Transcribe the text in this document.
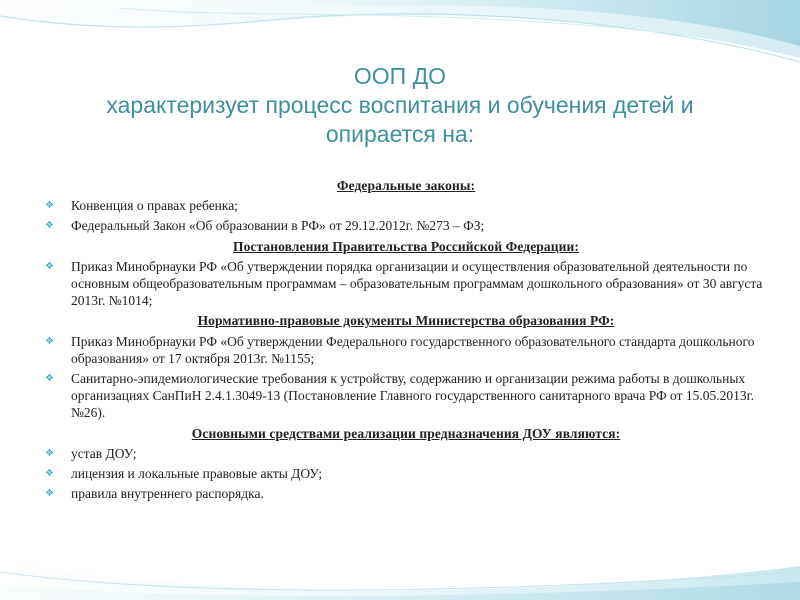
ООП ДО
характеризует процесс воспитания и обучения детей и
опирается на:
Федеральные законы:
❖ Конвенция о правах ребенка;
❖ Федеральный Закон «Об образовании в РФ» от 29.12.2012г. №273 – ФЗ;
Постановления Правительства Российской Федерации:
❖ Приказ Минобрнауки РФ «Об утверждении порядка организации и осуществления образовательной деятельности по основным общеобразовательным программам – образовательным программам дошкольного образования» от 30 августа 2013г. №1014;
Нормативно-правовые документы Министерства образования РФ:
❖ Приказ Минобрнауки РФ «Об утверждении Федерального государственного образовательного стандарта дошкольного образования» от 17 октября 2013г. №1155;
❖ Санитарно-эпидемиологические требования к устройству, содержанию и организации режима работы в дошкольных организациях СанПиН 2.4.1.3049-13 (Постановление Главного государственного санитарного врача РФ от 15.05.2013г. №26).
Основными средствами реализации предназначения ДОУ являются:
❖ устав ДОУ;
❖ лицензия и локальные правовые акты ДОУ;
❖ правила внутреннего распорядка.
